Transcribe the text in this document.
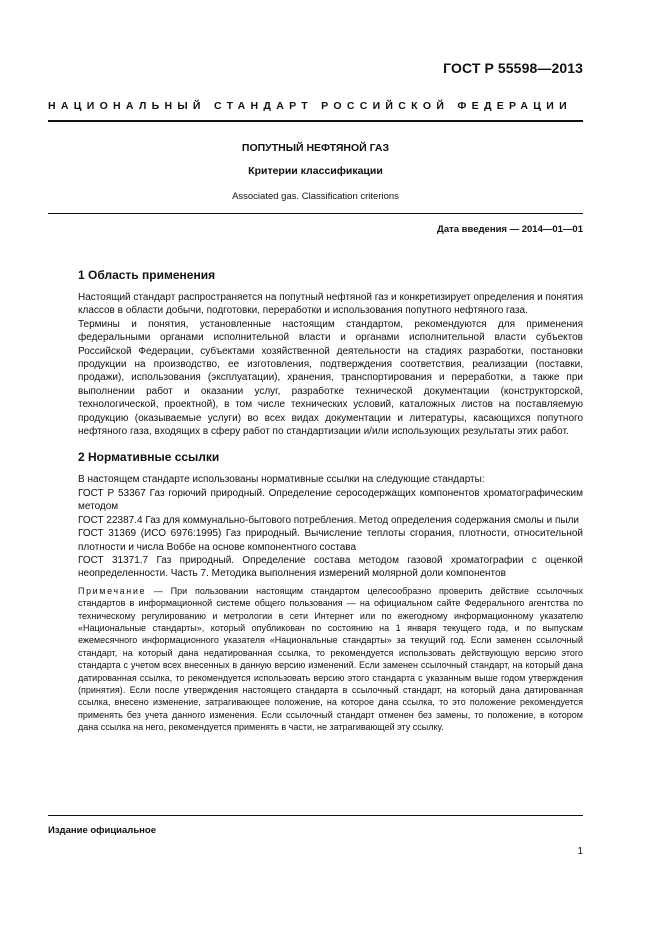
ГОСТ Р 55598—2013
НАЦИОНАЛЬНЫЙ СТАНДАРТ РОССИЙСКОЙ ФЕДЕРАЦИИ
ПОПУТНЫЙ НЕФТЯНОЙ ГАЗ
Критерии классификации
Associated gas. Classification criterions
Дата введения — 2014—01—01
1 Область применения

Настоящий стандарт распространяется на попутный нефтяной газ и конкретизирует определения и понятия классов в области добычи, подготовки, переработки и использования попутного нефтяного газа.

Термины и понятия, установленные настоящим стандартом, рекомендуются для применения федеральными органами исполнительной власти и органами исполнительной власти субъектов Российской Федерации, субъектами хозяйственной деятельности на стадиях разработки, постановки продукции на производство, ее изготовления, подтверждения соответствия, реализации (поставки, продажи), использования (эксплуатации), хранения, транспортирования и переработки, а также при выполнении работ и оказании услуг, разработке технической документации (конструкторской, технологической, проектной), в том числе технических условий, каталожных листов на поставляемую продукцию (оказываемые услуги) во всех видах документации и литературы, касающихся попутного нефтяного газа, входящих в сферу работ по стандартизации и/или использующих результаты этих работ.

2 Нормативные ссылки

В настоящем стандарте использованы нормативные ссылки на следующие стандарты:

ГОСТ Р 53367 Газ горючий природный. Определение серосодержащих компонентов хроматографическим методом

ГОСТ 22387.4 Газ для коммунально-бытового потребления. Метод определения содержания смолы и пыли

ГОСТ 31369 (ИСО 6976:1995) Газ природный. Вычисление теплоты сгорания, плотности, относительной плотности и числа Воббе на основе компонентного состава

ГОСТ 31371.7 Газ природный. Определение состава методом газовой хроматографии с оценкой неопределенности. Часть 7. Методика выполнения измерений молярной доли компонентов

Примечание — При пользовании настоящим стандартом целесообразно проверить действие ссылочных стандартов в информационной системе общего пользования — на официальном сайте Федерального агентства по техническому регулированию и метрологии в сети Интернет или по ежегодному информационному указателю «Национальные стандарты», который опубликован по состоянию на 1 января текущего года, и по выпускам ежемесячного информационного указателя «Национальные стандарты» за текущий год. Если заменен ссылочный стандарт, на который дана недатированная ссылка, то рекомендуется использовать действующую версию этого стандарта с учетом всех внесенных в данную версию изменений. Если заменен ссылочный стандарт, на который дана датированная ссылка, то рекомендуется использовать версию этого стандарта с указанным выше годом утверждения (принятия). Если после утверждения настоящего стандарта в ссылочный стандарт, на который дана датированная ссылка, внесено изменение, затрагивающее положение, на которое дана ссылка, то это положение рекомендуется применять без учета данного изменения. Если ссылочный стандарт отменен без замены, то положение, в котором дана ссылка на него, рекомендуется применять в части, не затрагивающей эту ссылку.

Издание официальное
1
